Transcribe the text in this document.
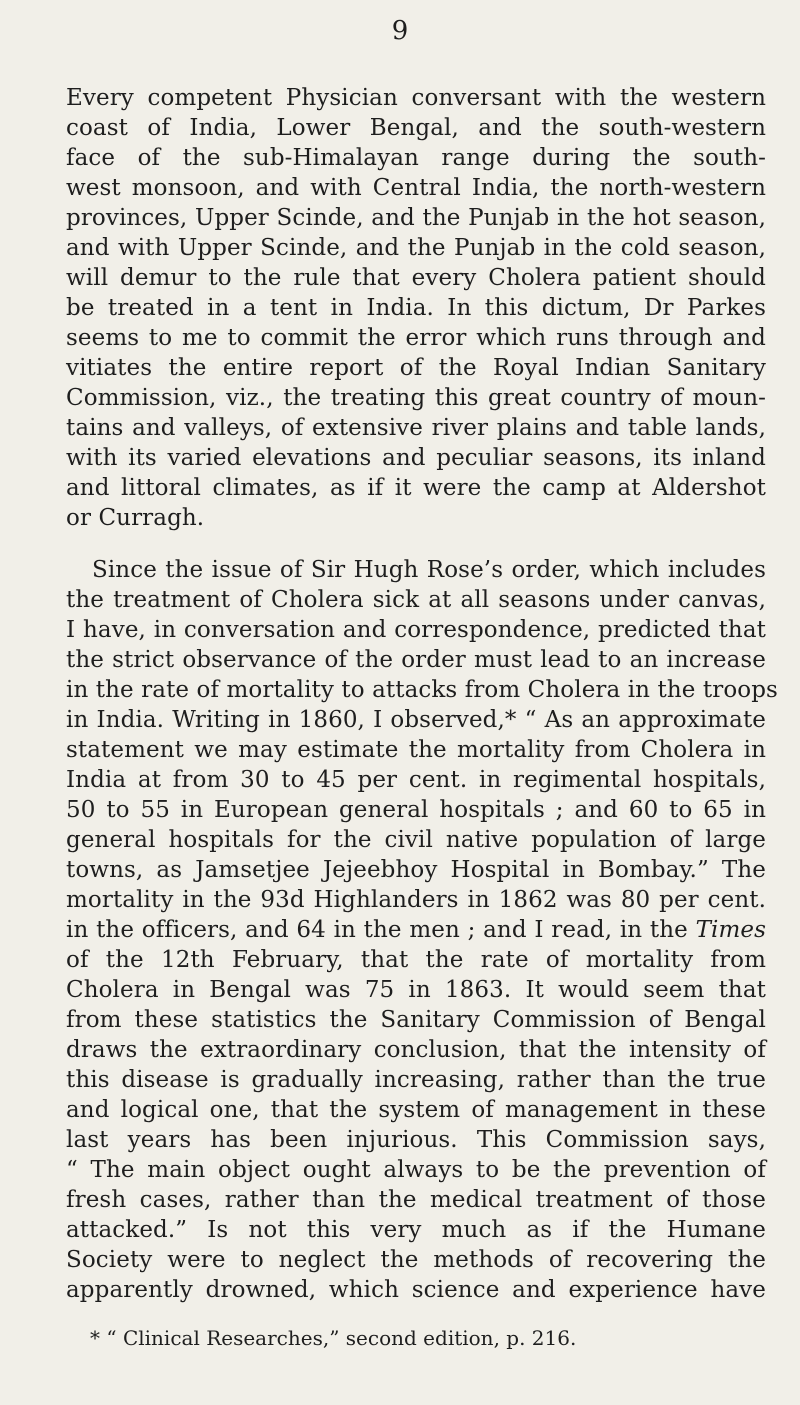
9
Every competent Physician conversant with the western
coast of India, Lower Bengal, and the south-western
face of the sub-Himalayan range during the south-
west monsoon, and with Central India, the north-western
provinces, Upper Scinde, and the Punjab in the hot season,
and with Upper Scinde, and the Punjab in the cold season,
will demur to the rule that every Cholera patient should
be treated in a tent in India. In this dictum, Dr Parkes
seems to me to commit the error which runs through and
vitiates the entire report of the Royal Indian Sanitary
Commission, viz., the treating this great country of moun-
tains and valleys, of extensive river plains and table lands,
with its varied elevations and peculiar seasons, its inland
and littoral climates, as if it were the camp at Aldershot
or Curragh.
Since the issue of Sir Hugh Rose’s order, which includes
the treatment of Cholera sick at all seasons under canvas,
I have, in conversation and correspondence, predicted that
the strict observance of the order must lead to an increase
in the rate of mortality to attacks from Cholera in the troops
in India. Writing in 1860, I observed,* “ As an approximate
statement we may estimate the mortality from Cholera in
India at from 30 to 45 per cent. in regimental hospitals,
50 to 55 in European general hospitals ; and 60 to 65 in
general hospitals for the civil native population of large
towns, as Jamsetjee Jejeebhoy Hospital in Bombay.” The
mortality in the 93d Highlanders in 1862 was 80 per cent.
in the officers, and 64 in the men ; and I read, in the Times
of the 12th February, that the rate of mortality from
Cholera in Bengal was 75 in 1863. It would seem that
from these statistics the Sanitary Commission of Bengal
draws the extraordinary conclusion, that the intensity of
this disease is gradually increasing, rather than the true
and logical one, that the system of management in these
last years has been injurious. This Commission says,
“ The main object ought always to be the prevention of
fresh cases, rather than the medical treatment of those
attacked.” Is not this very much as if the Humane
Society were to neglect the methods of recovering the
apparently drowned, which science and experience have
* “ Clinical Researches,” second edition, p. 216.
